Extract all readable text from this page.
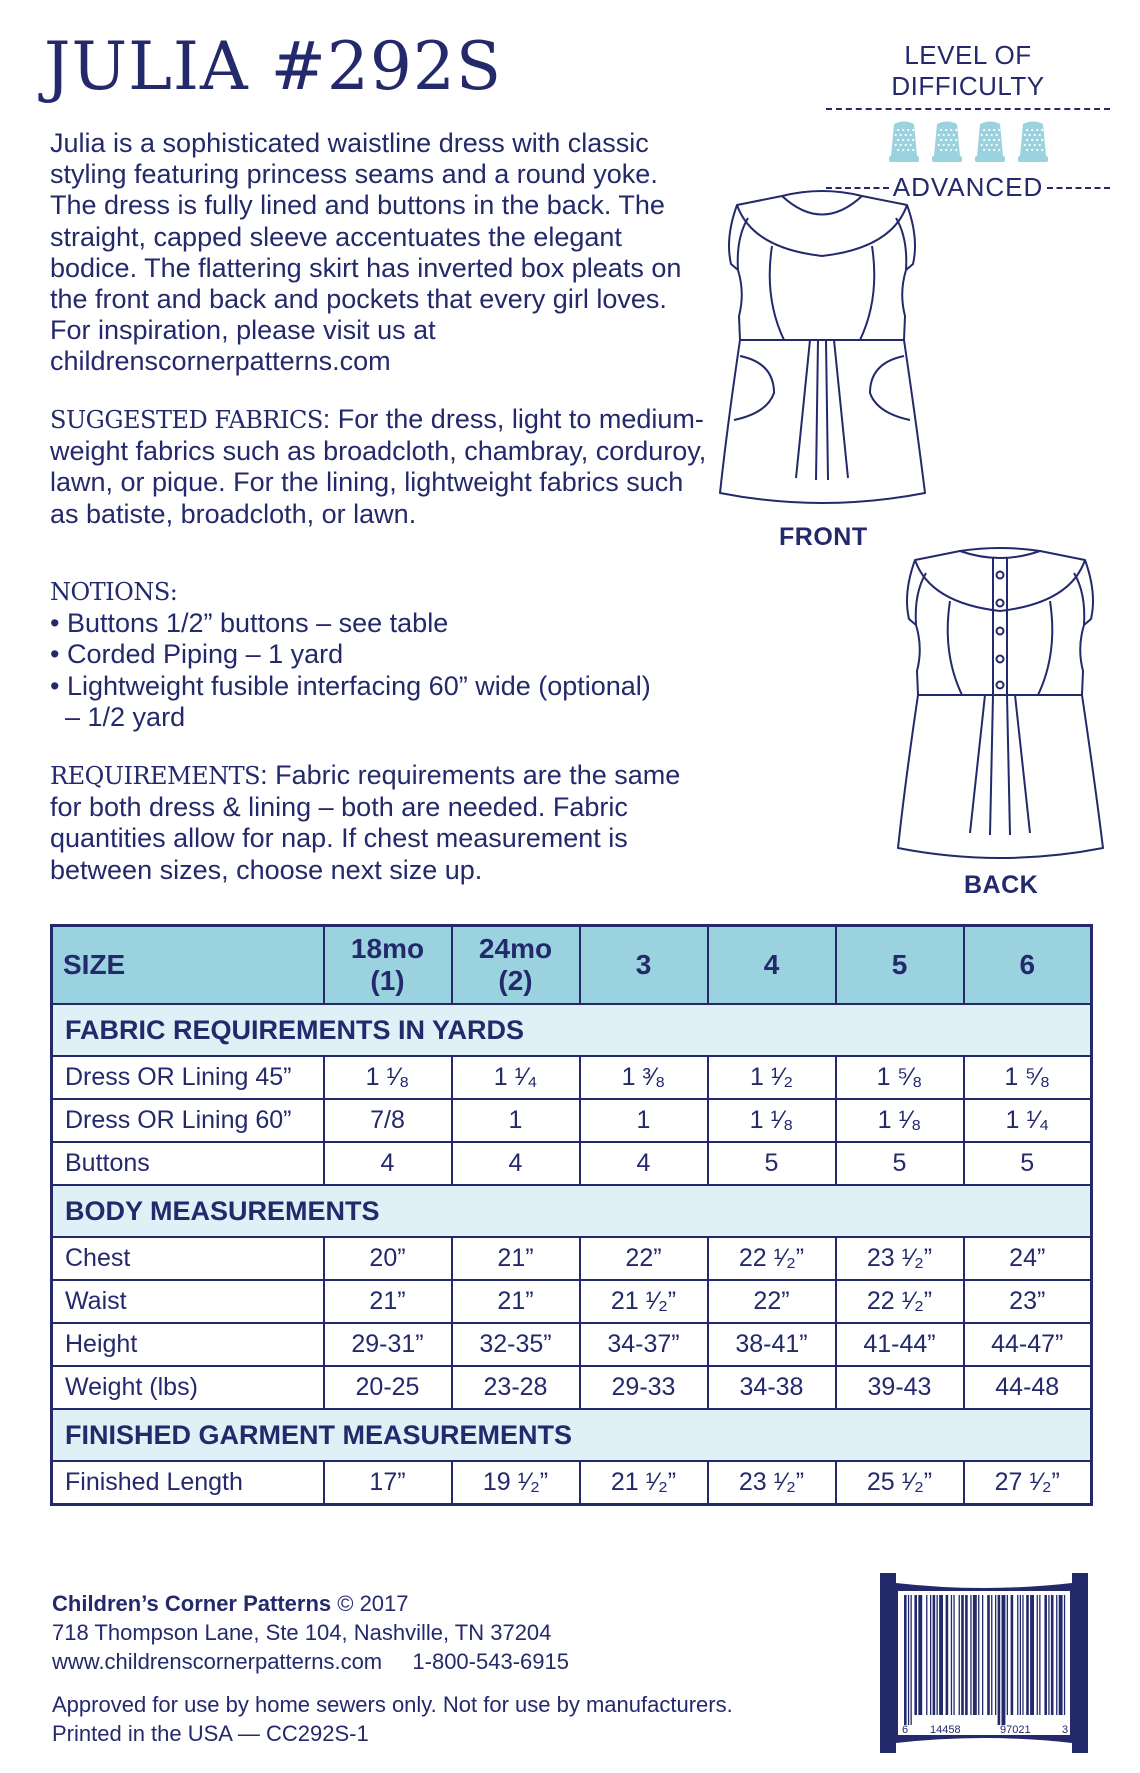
JULIA #292S

Julia is a sophisticated waistline dress with classic styling featuring princess seams and a round yoke. The dress is fully lined and buttons in the back. The straight, capped sleeve accentuates the elegant bodice. The flattering skirt has inverted box pleats on the front and back and pockets that every girl loves. For inspiration, please visit us at childrenscornerpatterns.com

SUGGESTED FABRICS: For the dress, light to medium-weight fabrics such as broadcloth, chambray, corduroy, lawn, or pique. For the lining, lightweight fabrics such as batiste, broadcloth, or lawn.

NOTIONS:
• Buttons 1/2” buttons – see table
• Corded Piping – 1 yard
• Lightweight fusible interfacing 60” wide (optional)
– 1/2 yard

REQUIREMENTS: Fabric requirements are the same for both dress & lining – both are needed. Fabric quantities allow for nap. If chest measurement is between sizes, choose next size up.

LEVEL OF DIFFICULTY
ADVANCED
FRONT
BACK
SIZE	18mo
(1)	24mo
(2)	3	4	5	6
FABRIC REQUIREMENTS IN YARDS						
Dress OR Lining 45”	1 ¹⁄₈	1 ¹⁄₄	1 ³⁄₈	1 ¹⁄₂	1 ⁵⁄₈	1 ⁵⁄₈
Dress OR Lining 60”	7/8	1	1	1 ¹⁄₈	1 ¹⁄₈	1 ¹⁄₄
Buttons	4	4	4	5	5	5
BODY MEASUREMENTS						
Chest	20”	21”	22”	22 ¹⁄₂”	23 ¹⁄₂”	24”
Waist	21”	21”	21 ¹⁄₂”	22”	22 ¹⁄₂”	23”
Height	29-31”	32-35”	34-37”	38-41”	41-44”	44-47”
Weight (lbs)	20-25	23-28	29-33	34-38	39-43	44-48
FINISHED GARMENT MEASUREMENTS						
Finished Length	17”	19 ¹⁄₂”	21 ¹⁄₂”	23 ¹⁄₂”	25 ¹⁄₂”	27 ¹⁄₂”
Children’s Corner Patterns © 2017
718 Thompson Lane, Ste 104, Nashville, TN 37204
www.childrenscornerpatterns.com 1-800-543-6915
Approved for use by home sewers only. Not for use by manufacturers.
Printed in the USA — CC292S-1	6 14458	97021	3
